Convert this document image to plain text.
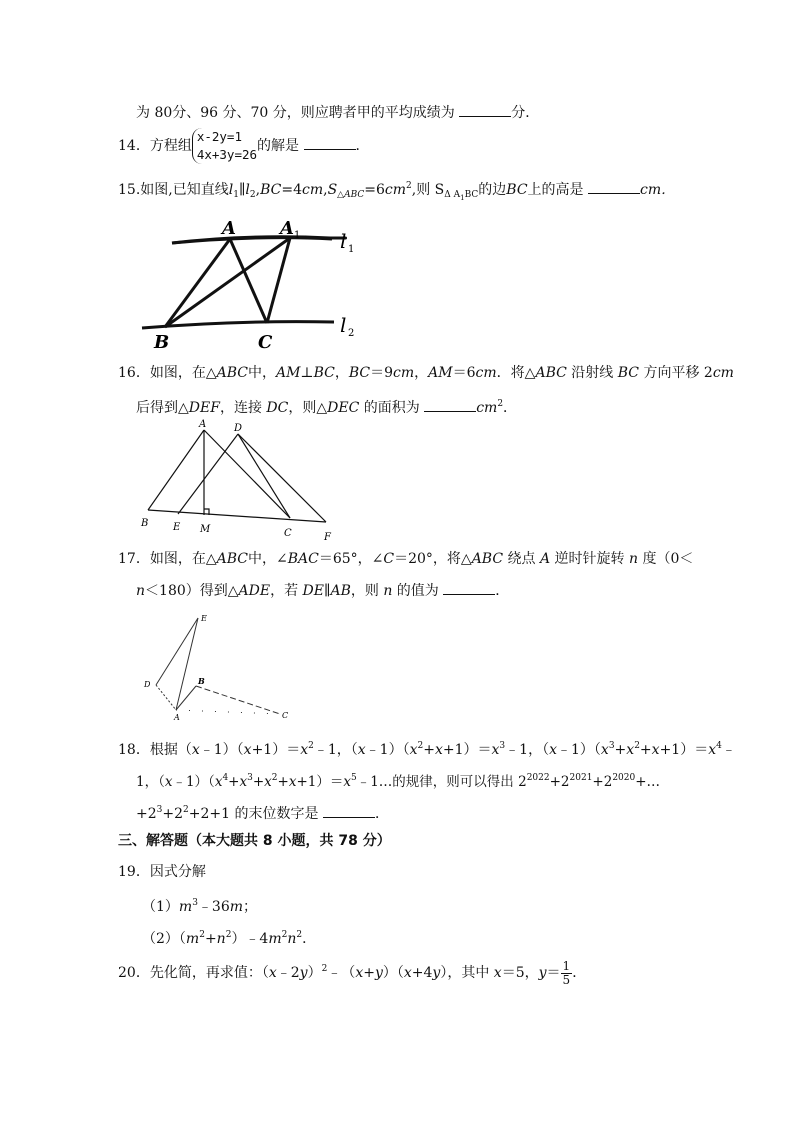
为 80分、96 分、70 分，则应聘者甲的平均成绩为	分．
14．方程组
x-2y=1
4x+3y=26
的解是	．
15.如图,已知直线$l_1\parallel l_2,BC=4cm,S_{\triangle ABC}=6cm^2$,则 $S_{\Delta A1BC}$的边BC上的高是	cm．
A A 1 l 1
l 2
B	C
16．如图，在△ABC中，AM⊥BC，BC＝9cm，AM＝6cm．将△ABC 沿射线 BC 方向平移 2cm
后得到△DEF，连接 DC，则△DEC 的面积为	$cm^2$．
A	D
B E M	C	F
17．如图，在△ABC中，∠BAC＝65°，∠C＝20°，将△ABC 绕点 A 逆时针旋转 n 度（0＜
n＜180）得到△ADE，若 DE∥AB，则 n 的值为	．
E
D	B
A	C
18．根据$(x﹣1)(x+1)=x^2﹣1$，$(x﹣1)(x^2+x+1)=x^3﹣1$，$(x﹣1)(x^3+x^2+x+1)=x^4﹣$
1，$(x﹣1)(x^4+x^3+x^2+x+1)=x^5﹣1\dots$的规律，则可以得出 $2^{2022}+2^{2021}+2^{2020}+\dots$
$+2^3+2^2+2+1$ 的末位数字是	．
三、解答题（本大题共 8 小题，共 78 分）
19．因式分解
$(1)m^3﹣36m$；
$(2)(m^2+n^2)﹣4m^2n^2$．
20．先化简，再求值：（x﹣2y）$^2$﹣（x+y）（x+4y），其中 x＝5，$y= \frac{1}{5}$ ．
